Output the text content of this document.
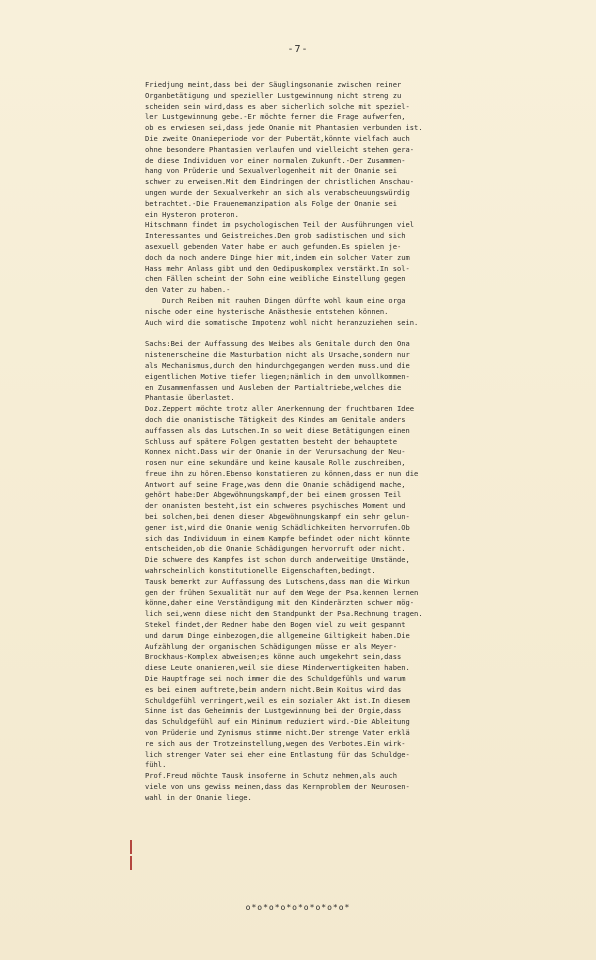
-7-
Friedjung meint,dass bei der Säuglingsonanie zwischen reiner
Organbetätigung und spezieller Lustgewinnung nicht streng zu
scheiden sein wird,dass es aber sicherlich solche mit speziel-
ler Lustgewinnung gebe.-Er möchte ferner die Frage aufwerfen,
ob es erwiesen sei,dass jede Onanie mit Phantasien verbunden ist.
Die zweite Onanieperiode vor der Pubertät,könnte vielfach auch
ohne besondere Phantasien verlaufen und vielleicht stehen gera-
de diese Individuen vor einer normalen Zukunft.-Der Zusammen-
hang von Prüderie und Sexualverlogenheit mit der Onanie sei
schwer zu erweisen.Mit dem Eindringen der christlichen Anschau-
ungen wurde der Sexualverkehr an sich als verabscheuungswürdig
betrachtet.-Die Frauenemanzipation als Folge der Onanie sei
ein Hysteron proteron.
Hitschmann findet im psychologischen Teil der Ausführungen viel
Interessantes und Geistreiches.Den grob sadistischen und sich
asexuell gebenden Vater habe er auch gefunden.Es spielen je-
doch da noch andere Dinge hier mit,indem ein solcher Vater zum
Hass mehr Anlass gibt und den Oedipuskomplex verstärkt.In sol-
chen Fällen scheint der Sohn eine weibliche Einstellung gegen
den Vater zu haben.-
Durch Reiben mit rauhen Dingen dürfte wohl kaum eine orga
nische oder eine hysterische Anästhesie entstehen können.
Auch wird die somatische Impotenz wohl nicht heranzuziehen sein.
Sachs:Bei der Auffassung des Weibes als Genitale durch den Ona
nistenerscheine die Masturbation nicht als Ursache,sondern nur
als Mechanismus,durch den hindurchgegangen werden muss.und die
eigentlichen Motive tiefer liegen;nämlich in dem unvollkommen-
en Zusammenfassen und Ausleben der Partialtriebe,welches die
Phantasie überlastet.
Doz.Zeppert möchte trotz aller Anerkennung der fruchtbaren Idee
doch die onanistische Tätigkeit des Kindes am Genitale anders
auffassen als das Lutschen.In so weit diese Betätigungen einen
Schluss auf spätere Folgen gestatten besteht der behauptete
Konnex nicht.Dass wir der Onanie in der Verursachung der Neu-
rosen nur eine sekundäre und keine kausale Rolle zuschreiben,
freue ihn zu hören.Ebenso konstatieren zu können,dass er nun die
Antwort auf seine Frage,was denn die Onanie schädigend mache,
gehört habe:Der Abgewöhnungskampf,der bei einem grossen Teil
der onanisten besteht,ist ein schweres psychisches Moment und
bei solchen,bei denen dieser Abgewöhnungskampf ein sehr gelun-
gener ist,wird die Onanie wenig Schädlichkeiten hervorrufen.Ob
sich das Individuum in einem Kampfe befindet oder nicht könnte
entscheiden,ob die Onanie Schädigungen hervorruft oder nicht.
Die schwere des Kampfes ist schon durch anderweitige Umstände,
wahrscheinlich konstitutionelle Eigenschaften,bedingt.
Tausk bemerkt zur Auffassung des Lutschens,dass man die Wirkun
gen der frühen Sexualität nur auf dem Wege der Psa.kennen lernen
könne,daher eine Verständigung mit den Kinderärzten schwer mög-
lich sei,wenn diese nicht dem Standpunkt der Psa.Rechnung tragen.
Stekel findet,der Redner habe den Bogen viel zu weit gespannt
und darum Dinge einbezogen,die allgemeine Giltigkeit haben.Die
Aufzählung der organischen Schädigungen müsse er als Meyer-
Brockhaus-Komplex abweisen;es könne auch umgekehrt sein,dass
diese Leute onanieren,weil sie diese Minderwertigkeiten haben.
Die Hauptfrage sei noch immer die des Schuldgefühls und warum
es bei einem auftrete,beim andern nicht.Beim Koitus wird das
Schuldgefühl verringert,weil es ein sozialer Akt ist.In diesem
Sinne ist das Geheimnis der Lustgewinnung bei der Orgie,dass
das Schuldgefühl auf ein Minimum reduziert wird.-Die Ableitung
von Prüderie und Zynismus stimme nicht.Der strenge Vater erklä
re sich aus der Trotzeinstellung,wegen des Verbotes.Ein wirk-
lich strenger Vater sei eher eine Entlastung für das Schuldge-
fühl.
Prof.Freud möchte Tausk insoferne in Schutz nehmen,als auch
viele von uns gewiss meinen,dass das Kernproblem der Neurosen-
wahl in der Onanie liege.
o*o*o*o*o*o*o*o*o*
